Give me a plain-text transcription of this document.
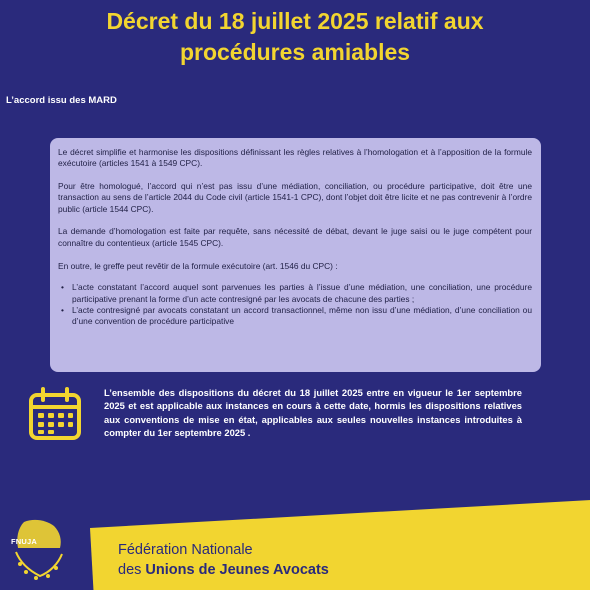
Décret du 18 juillet 2025 relatif aux
procédures amiables
L’accord issu des MARD

Le décret simplifie et harmonise les dispositions définissant les règles relatives à l’homologation et à l’apposition de la formule exécutoire (articles 1541 à 1549 CPC).

Pour être homologué, l’accord qui n’est pas issu d’une médiation, conciliation, ou procédure participative, doit être une transaction au sens de l’article 2044 du Code civil (article 1541-1 CPC), dont l’objet doit être licite et ne pas contrevenir à l’ordre public (article 1544 CPC).

La demande d’homologation est faite par requête, sans nécessité de débat, devant le juge saisi ou le juge compétent pour connaître du contentieux (article 1545 CPC).

En outre, le greffe peut revêtir de la formule exécutoire (art. 1546 du CPC) :

• L’acte constatant l’accord auquel sont parvenues les parties à l’issue d’une médiation, une conciliation, une procédure participative prenant la forme d’un acte contresigné par les avocats de chacune des parties ;
• L’acte contresigné par avocats constatant un accord transactionnel, même non issu d’une médiation, d’une conciliation ou d’une convention de procédure participative
L’ensemble des dispositions du décret du 18 juillet 2025 entre en vigueur le 1er septembre 2025 et est applicable aux instances en cours à cette date, hormis les dispositions relatives aux conventions de mise en état, applicables aux seules nouvelles instances introduites à compter du 1er septembre 2025 .
FNUJA
Fédération Nationale
des Unions de Jeunes Avocats
